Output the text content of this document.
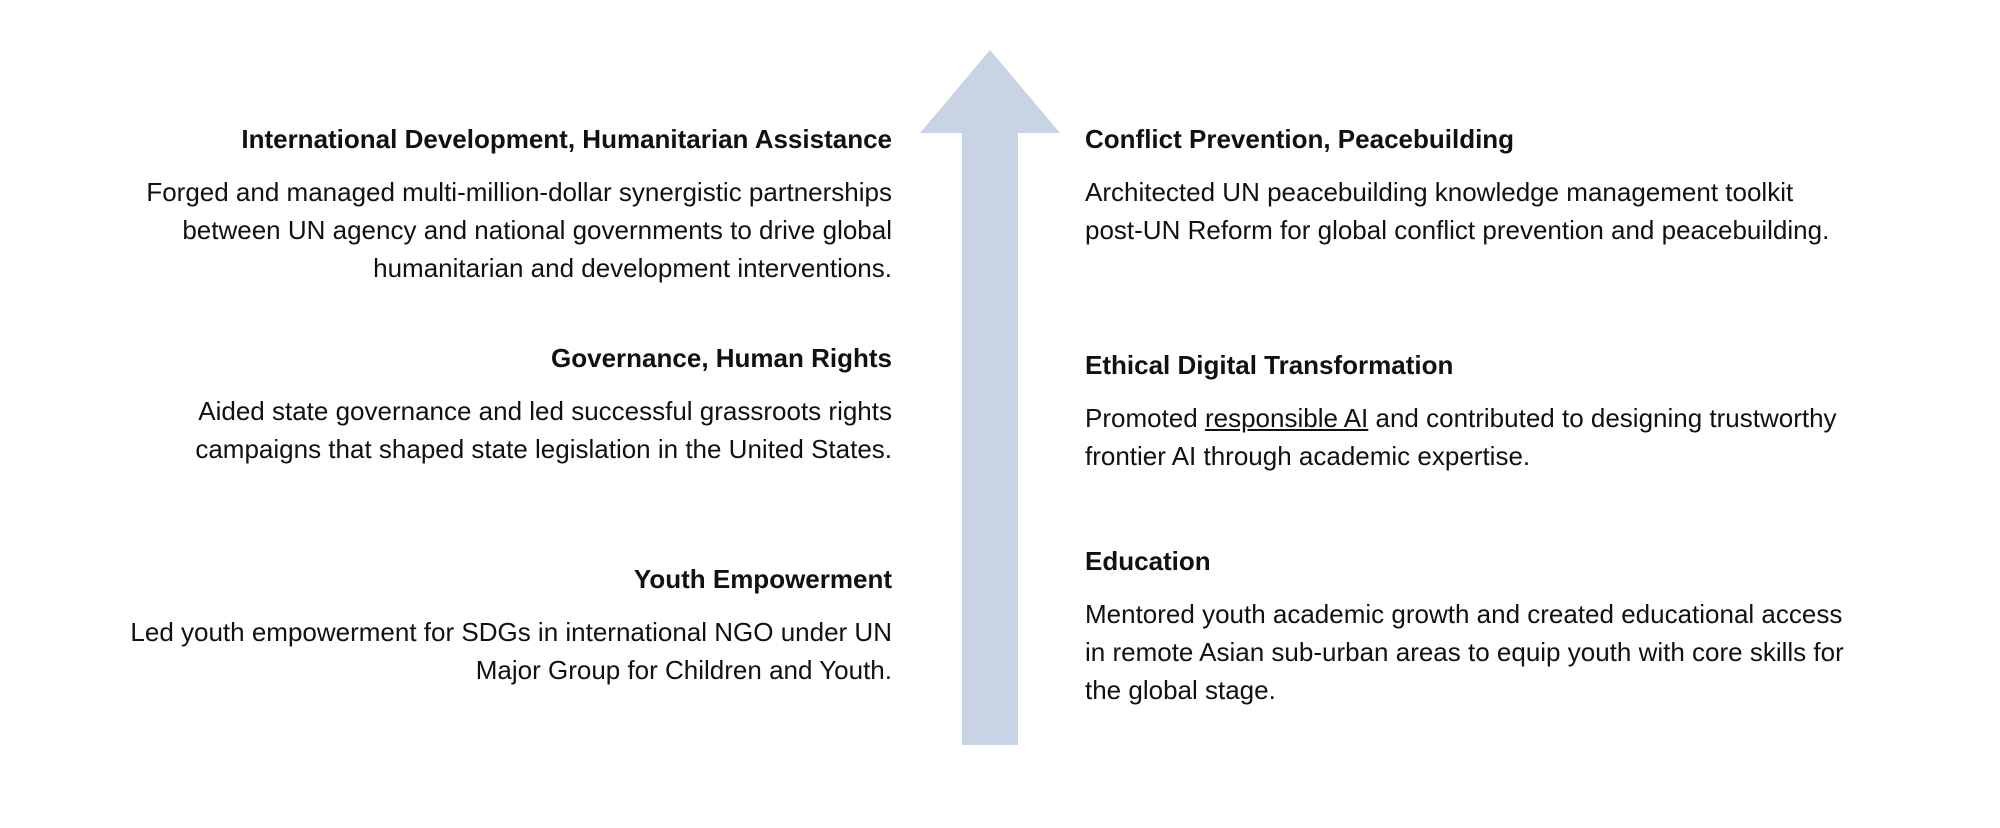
International Development, Humanitarian Assistance
Forged and managed multi-million-dollar synergistic partnerships between UN agency and national governments to drive global humanitarian and development interventions.
Governance, Human Rights
Aided state governance and led successful grassroots rights campaigns that shaped state legislation in the United States.
Youth Empowerment
Led youth empowerment for SDGs in international NGO under UN Major Group for Children and Youth.
Conflict Prevention, Peacebuilding
Architected UN peacebuilding knowledge management toolkit post-UN Reform for global conflict prevention and peacebuilding.
Ethical Digital Transformation
Promoted responsible AI and contributed to designing trustworthy frontier AI through academic expertise.
Education
Mentored youth academic growth and created educational access in remote Asian sub-urban areas to equip youth with core skills for the global stage.
